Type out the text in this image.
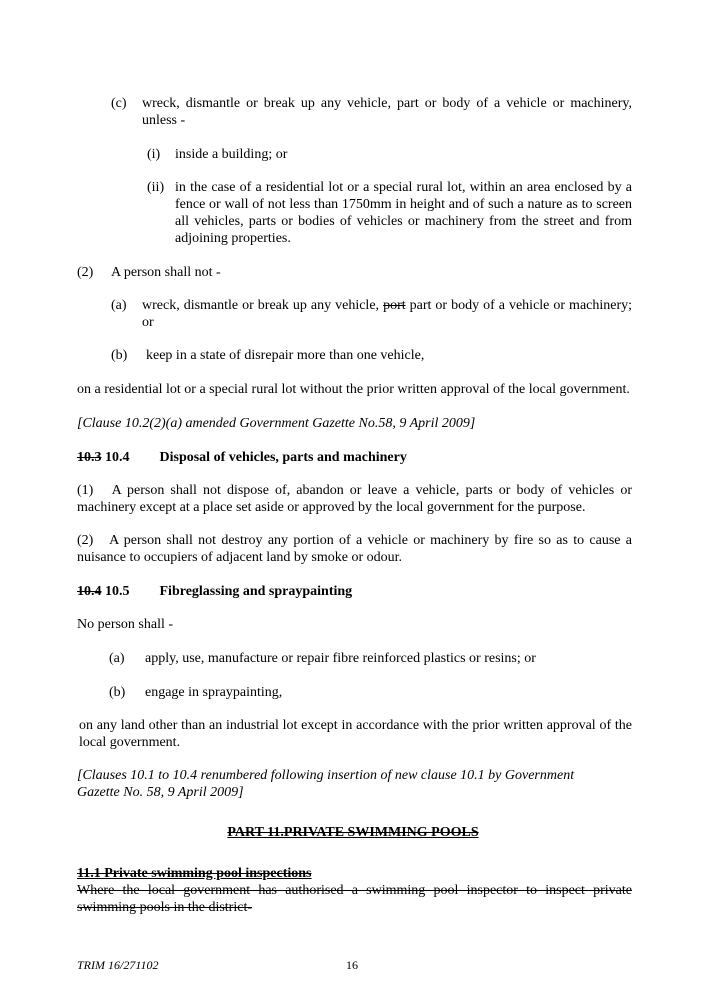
(c) wreck, dismantle or break up any vehicle, part or body of a vehicle or machinery, unless -

(i) inside a building; or

(ii) in the case of a residential lot or a special rural lot, within an area enclosed by a fence or wall of not less than 1750mm in height and of such a nature as to screen all vehicles, parts or bodies of vehicles or machinery from the street and from adjoining properties.

(2) A person shall not -

(a) wreck, dismantle or break up any vehicle, port part or body of a vehicle or machinery; or

(b) keep in a state of disrepair more than one vehicle,

on a residential lot or a special rural lot without the prior written approval of the local government.

[Clause 10.2(2)(a) amended Government Gazette No.58, 9 April 2009]

10.3 10.4 Disposal of vehicles, parts and machinery

(1)   A person shall not dispose of, abandon or leave a vehicle, parts or body of vehicles or machinery except at a place set aside or approved by the local government for the purpose.

(2)   A person shall not destroy any portion of a vehicle or machinery by fire so as to cause a nuisance to occupiers of adjacent land by smoke or odour.

10.4 10.5 Fibreglassing and spraypainting

No person shall -

(a) apply, use, manufacture or repair fibre reinforced plastics or resins; or

(b) engage in spraypainting,

on any land other than an industrial lot except in accordance with the prior written approval of the local government.

[Clauses 10.1 to 10.4 renumbered following insertion of new clause 10.1 by Government Gazette No. 58, 9 April 2009]

PART 11.PRIVATE SWIMMING POOLS

11.1 Private swimming pool inspections

Where the local government has authorised a swimming pool inspector to inspect private swimming pools in the district-

TRIM 16/271102	16
